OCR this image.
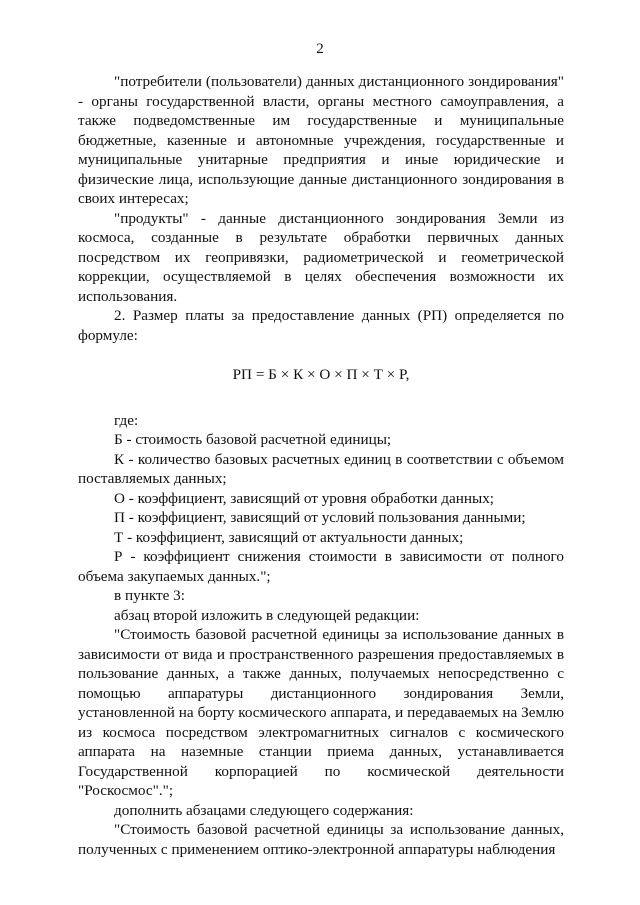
2

"потребители (пользователи) данных дистанционного зондирования" - органы государственной власти, органы местного самоуправления, а также подведомственные им государственные и муниципальные бюджетные, казенные и автономные учреждения, государственные и муниципальные унитарные предприятия и иные юридические и физические лица, использующие данные дистанционного зондирования в своих интересах;

"продукты" - данные дистанционного зондирования Земли из космоса, созданные в результате обработки первичных данных посредством их геопривязки, радиометрической и геометрической коррекции, осуществляемой в целях обеспечения возможности их использования.

2. Размер платы за предоставление данных (РП) определяется по формуле:

РП = Б × К × О × П × Т × Р,

где:

Б - стоимость базовой расчетной единицы;

К - количество базовых расчетных единиц в соответствии с объемом поставляемых данных;

О - коэффициент, зависящий от уровня обработки данных;

П - коэффициент, зависящий от условий пользования данными;

Т - коэффициент, зависящий от актуальности данных;

Р - коэффициент снижения стоимости в зависимости от полного объема закупаемых данных.";

в пункте 3:

абзац второй изложить в следующей редакции:

"Стоимость базовой расчетной единицы за использование данных в зависимости от вида и пространственного разрешения предоставляемых в пользование данных, а также данных, получаемых непосредственно с помощью аппаратуры дистанционного зондирования Земли, установленной на борту космического аппарата, и передаваемых на Землю из космоса посредством электромагнитных сигналов с космического аппарата на наземные станции приема данных, устанавливается Государственной корпорацией по космической деятельности "Роскосмос".";

дополнить абзацами следующего содержания:

"Стоимость базовой расчетной единицы за использование данных, полученных с применением оптико-электронной аппаратуры наблюдения
